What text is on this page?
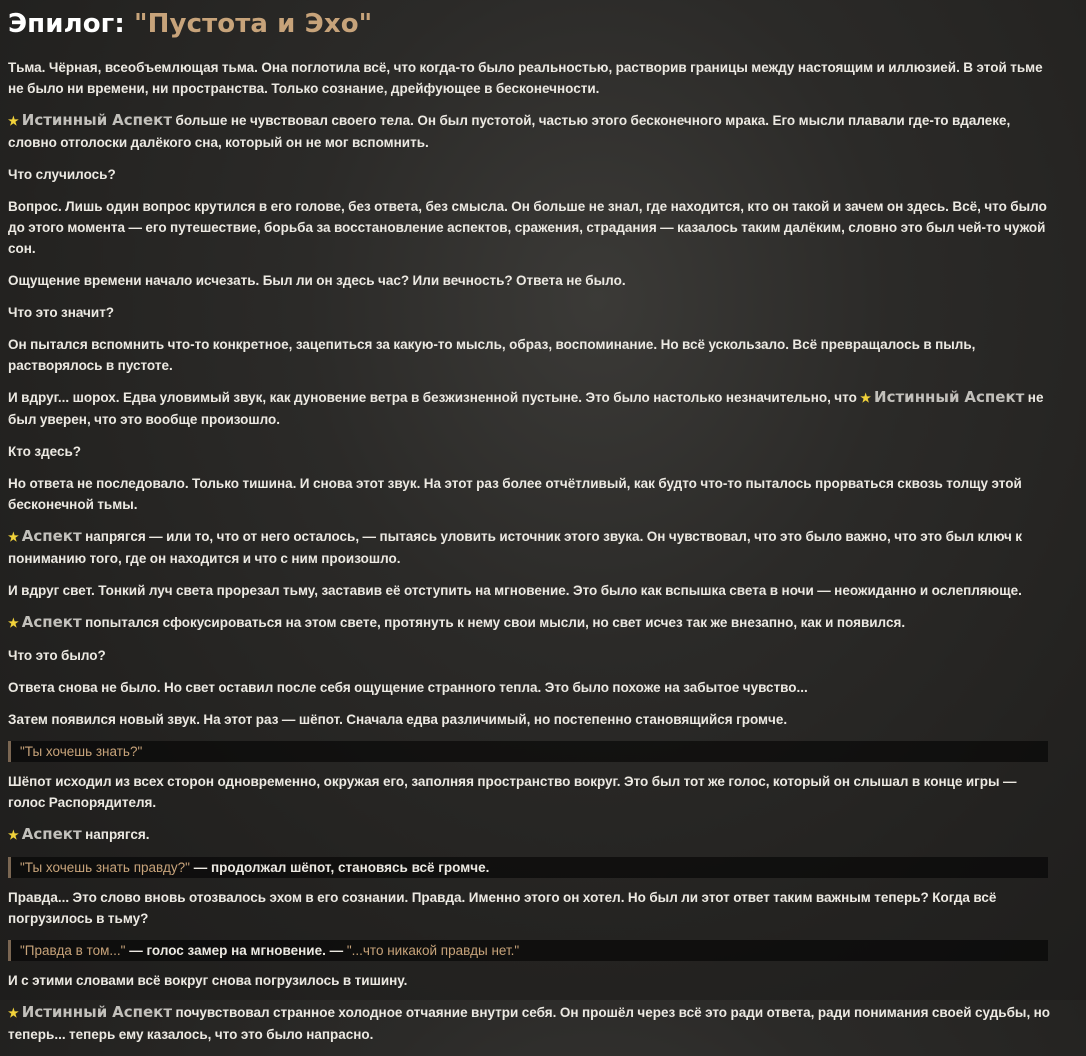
Эпилог: "Пустота и Эхо"

Тьма. Чёрная, всеобъемлющая тьма. Она поглотила всё, что когда-то было реальностью, растворив границы между настоящим и иллюзией. В этой тьме не было ни времени, ни пространства. Только сознание, дрейфующее в бесконечности.

★ Истинный Аспект больше не чувствовал своего тела. Он был пустотой, частью этого бесконечного мрака. Его мысли плавали где-то вдалеке, словно отголоски далёкого сна, который он не мог вспомнить.

Что случилось?

Вопрос. Лишь один вопрос крутился в его голове, без ответа, без смысла. Он больше не знал, где находится, кто он такой и зачем он здесь. Всё, что было до этого момента — его путешествие, борьба за восстановление аспектов, сражения, страдания — казалось таким далёким, словно это был чей-то чужой сон.

Ощущение времени начало исчезать. Был ли он здесь час? Или вечность? Ответа не было.

Что это значит?

Он пытался вспомнить что-то конкретное, зацепиться за какую-то мысль, образ, воспоминание. Но всё ускользало. Всё превращалось в пыль, растворялось в пустоте.

И вдруг... шорох. Едва уловимый звук, как дуновение ветра в безжизненной пустыне. Это было настолько незначительно, что ★ Истинный Аспект не был уверен, что это вообще произошло.

Кто здесь?

Но ответа не последовало. Только тишина. И снова этот звук. На этот раз более отчётливый, как будто что-то пыталось прорваться сквозь толщу этой бесконечной тьмы.

★ Аспект напрягся — или то, что от него осталось, — пытаясь уловить источник этого звука. Он чувствовал, что это было важно, что это был ключ к пониманию того, где он находится и что с ним произошло.

И вдруг свет. Тонкий луч света прорезал тьму, заставив её отступить на мгновение. Это было как вспышка света в ночи — неожиданно и ослепляюще.

★ Аспект попытался сфокусироваться на этом свете, протянуть к нему свои мысли, но свет исчез так же внезапно, как и появился.

Что это было?

Ответа снова не было. Но свет оставил после себя ощущение странного тепла. Это было похоже на забытое чувство...

Затем появился новый звук. На этот раз — шёпот. Сначала едва различимый, но постепенно становящийся громче.

"Ты хочешь знать?"

Шёпот исходил из всех сторон одновременно, окружая его, заполняя пространство вокруг. Это был тот же голос, который он слышал в конце игры — голос Распорядителя.

★ Аспект напрягся.

"Ты хочешь знать правду?" — продолжал шёпот, становясь всё громче.

Правда... Это слово вновь отозвалось эхом в его сознании. Правда. Именно этого он хотел. Но был ли этот ответ таким важным теперь? Когда всё погрузилось в тьму?

"Правда в том..." — голос замер на мгновение. — "...что никакой правды нет."

И с этими словами всё вокруг снова погрузилось в тишину.

★ Истинный Аспект почувствовал странное холодное отчаяние внутри себя. Он прошёл через всё это ради ответа, ради понимания своей судьбы, но теперь... теперь ему казалось, что это было напрасно.
